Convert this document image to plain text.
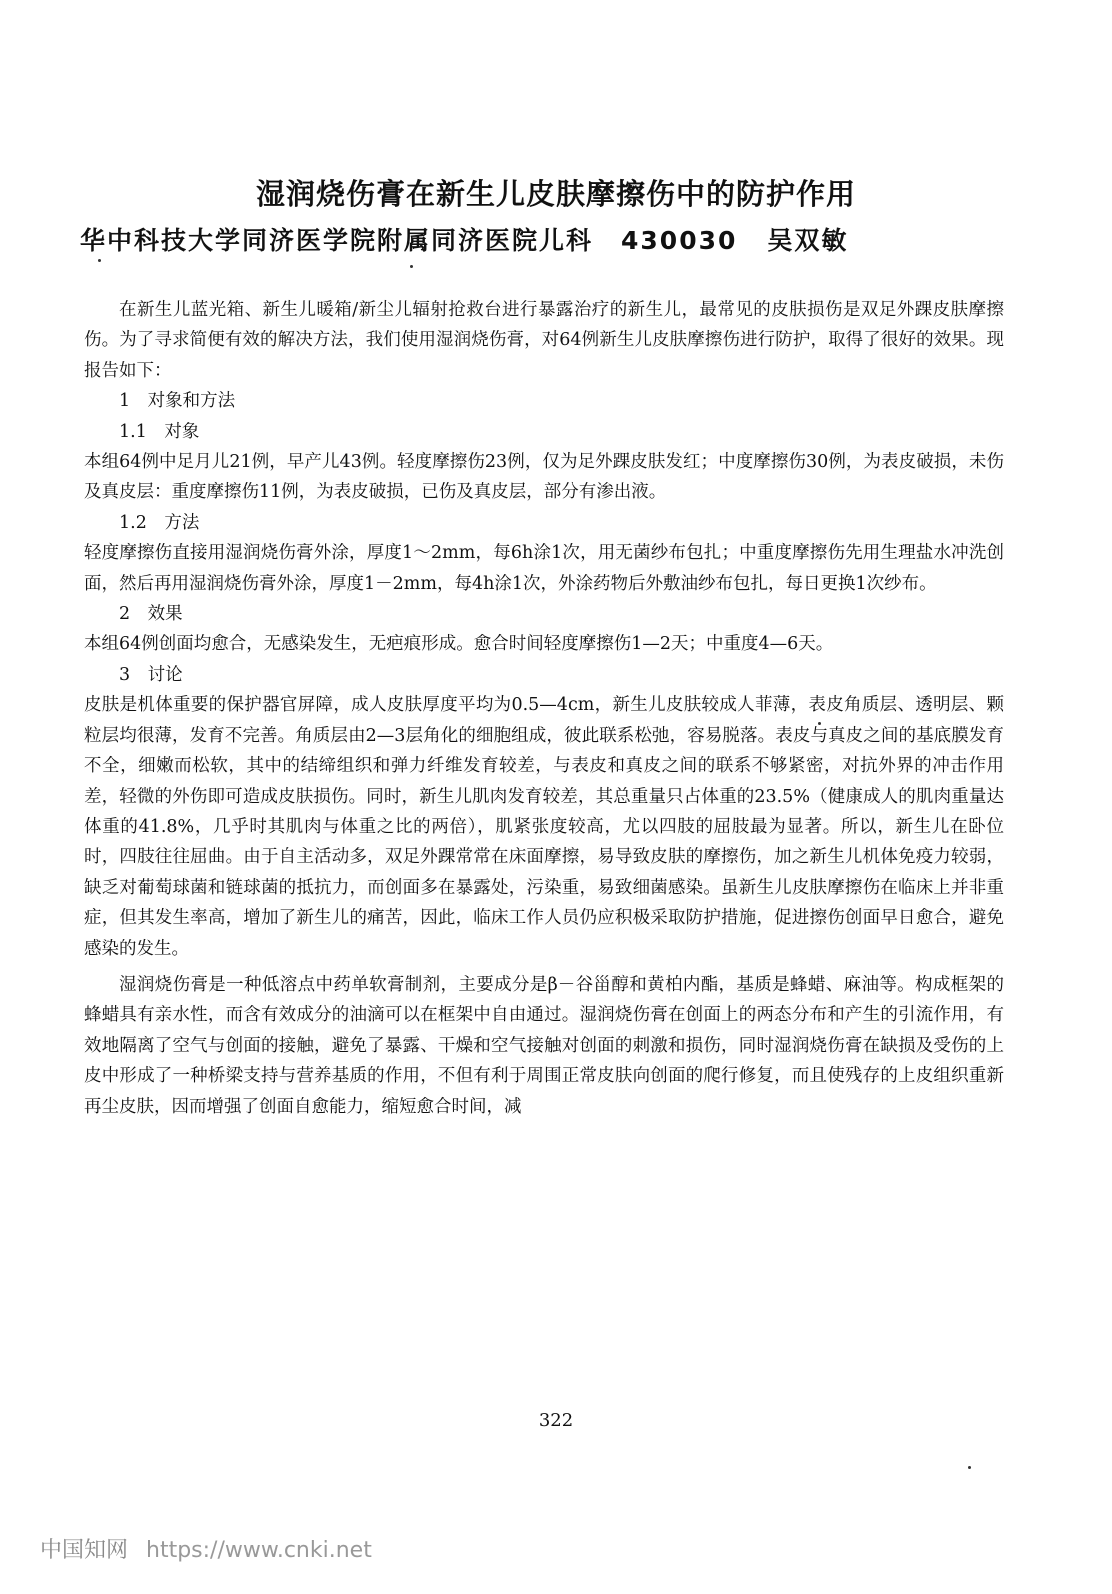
湿润烧伤膏在新生儿皮肤摩擦伤中的防护作用
华中科技大学同济医学院附属同济医院儿科 430030 吴双敏

在新生儿蓝光箱、新生儿暖箱/新尘儿辐射抢救台进行暴露治疗的新生儿，最常见的皮肤损伤是双足外踝皮肤摩擦伤。为了寻求简便有效的解决方法，我们使用湿润烧伤膏，对64例新生儿皮肤摩擦伤进行防护，取得了很好的效果。现报告如下：

1　对象和方法

1.1　对象

本组64例中足月儿21例，早产儿43例。轻度摩擦伤23例，仅为足外踝皮肤发红；中度摩擦伤30例，为表皮破损，未伤及真皮层：重度摩擦伤11例，为表皮破损，已伤及真皮层，部分有渗出液。

1.2　方法

轻度摩擦伤直接用湿润烧伤膏外涂，厚度1～2mm，每6h涂1次，用无菌纱布包扎；中重度摩擦伤先用生理盐水冲洗创面，然后再用湿润烧伤膏外涂，厚度1－2mm，每4h涂1次，外涂药物后外敷油纱布包扎，每日更换1次纱布。

2　效果

本组64例创面均愈合，无感染发生，无疤痕形成。愈合时间轻度摩擦伤1—2天；中重度4—6天。

3　讨论

皮肤是机体重要的保护器官屏障，成人皮肤厚度平均为0.5—4cm，新生儿皮肤较成人菲薄，表皮角质层、透明层、颗粒层均很薄，发育不完善。角质层由2—3层角化的细胞组成，彼此联系松弛，容易脱落。表皮与真皮之间的基底膜发育不全，细嫩而松软，其中的结缔组织和弹力纤维发育较差，与表皮和真皮之间的联系不够紧密，对抗外界的冲击作用差，轻微的外伤即可造成皮肤损伤。同时，新生儿肌肉发育较差，其总重量只占体重的23.5%（健康成人的肌肉重量达体重的41.8%，几乎时其肌肉与体重之比的两倍），肌紧张度较高，尤以四肢的屈肢最为显著。所以，新生儿在卧位时，四肢往往屈曲。由于自主活动多，双足外踝常常在床面摩擦，易导致皮肤的摩擦伤，加之新生儿机体免疫力较弱，缺乏对葡萄球菌和链球菌的抵抗力，而创面多在暴露处，污染重，易致细菌感染。虽新生儿皮肤摩擦伤在临床上并非重症，但其发生率高，增加了新生儿的痛苦，因此，临床工作人员仍应积极采取防护措施，促进擦伤创面早日愈合，避免感染的发生。

湿润烧伤膏是一种低溶点中药单软膏制剂，主要成分是β－谷甾醇和黄柏内酯，基质是蜂蜡、麻油等。构成框架的蜂蜡具有亲水性，而含有效成分的油滴可以在框架中自由通过。湿润烧伤膏在创面上的两态分布和产生的引流作用，有效地隔离了空气与创面的接触，避免了暴露、干燥和空气接触对创面的刺激和损伤，同时湿润烧伤膏在缺损及受伤的上皮中形成了一种桥梁支持与营养基质的作用，不但有利于周围正常皮肤向创面的爬行修复，而且使残存的上皮组织重新再尘皮肤，因而增强了创面自愈能力，缩短愈合时间，减

322
中国知网 https://www.cnki.net
